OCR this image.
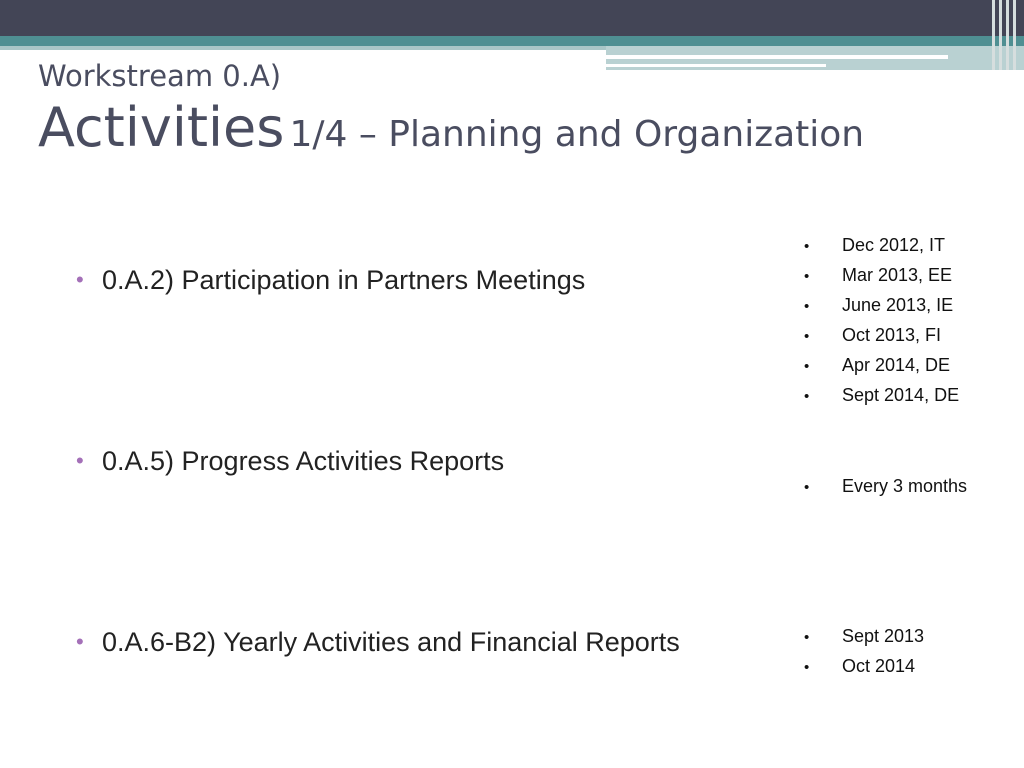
Workstream 0.A)
Activities 1/4 – Planning and Organization
• 0.A.2) Participation in Partners Meetings
• Dec 2012, IT
• Mar 2013, EE
• June 2013, IE
• Oct 2013, FI
• Apr 2014, DE
• Sept 2014, DE
• 0.A.5) Progress Activities Reports
• Every 3 months
• 0.A.6-B2) Yearly Activities and Financial Reports	• Sept 2013
• Oct 2014
